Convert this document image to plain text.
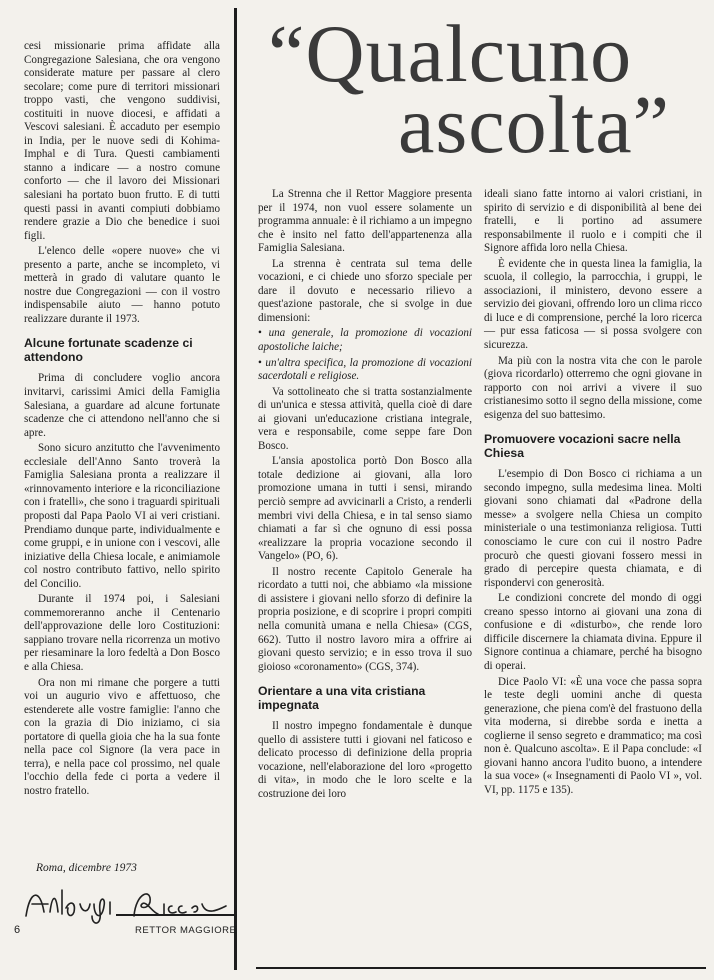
“Qualcuno
ascolta”

cesi missionarie prima affidate alla Congregazione Salesiana, che ora vengono considerate mature per passare al clero secolare; come pure di territori missionari troppo vasti, che vengono suddivisi, costituiti in nuove diocesi, e affidati a Vescovi salesiani. È accaduto per esempio in India, per le nuove sedi di Kohima-Imphal e di Tura. Questi cambiamenti stanno a indicare — a nostro comune conforto — che il lavoro dei Missionari salesiani ha portato buon frutto. E di tutti questi passi in avanti compiuti dobbiamo rendere grazie a Dio che benedice i suoi figli.

L'elenco delle «opere nuove» che vi presento a parte, anche se incompleto, vi metterà in grado di valutare quanto le nostre due Congregazioni — con il vostro indispensabile aiuto — hanno potuto realizzare durante il 1973.

Alcune fortunate scadenze ci attendono

Prima di concludere voglio ancora invitarvi, carissimi Amici della Famiglia Salesiana, a guardare ad alcune fortunate scadenze che ci attendono nell'anno che si apre.

Sono sicuro anzitutto che l'avvenimento ecclesiale dell'Anno Santo troverà la Famiglia Salesiana pronta a realizzare il «rinnovamento interiore e la riconciliazione con i fratelli», che sono i traguardi spirituali proposti dal Papa Paolo VI ai veri cristiani. Prendiamo dunque parte, individualmente e come gruppi, e in unione con i vescovi, alle iniziative della Chiesa locale, e animiamole col nostro contributo fattivo, nello spirito del Concilio.

Durante il 1974 poi, i Salesiani commemoreranno anche il Centenario dell'approvazione delle loro Costituzioni: sappiano trovare nella ricorrenza un motivo per riesaminare la loro fedeltà a Don Bosco e alla Chiesa.

Ora non mi rimane che porgere a tutti voi un augurio vivo e affettuoso, che estenderete alle vostre famiglie: l'anno che con la grazia di Dio iniziamo, ci sia portatore di quella gioia che ha la sua fonte nella pace col Signore (la vera pace in terra), e nella pace col prossimo, nel quale l'occhio della fede ci porta a vedere il nostro fratello.

Roma, dicembre 1973
RETTOR MAGGIORE
6

La Strenna che il Rettor Maggiore presenta per il 1974, non vuol essere solamente un programma annuale: è il richiamo a un impegno che è insito nel fatto dell'appartenenza alla Famiglia Salesiana.

La strenna è centrata sul tema delle vocazioni, e ci chiede uno sforzo speciale per dare il dovuto e necessario rilievo a quest'azione pastorale, che si svolge in due dimensioni:

• una generale, la promozione di vocazioni apostoliche laiche;

• un'altra specifica, la promozione di vocazioni sacerdotali e religiose.

Va sottolineato che si tratta sostanzialmente di un'unica e stessa attività, quella cioè di dare ai giovani un'educazione cristiana integrale, vera e responsabile, come seppe fare Don Bosco.

L'ansia apostolica portò Don Bosco alla totale dedizione ai giovani, alla loro promozione umana in tutti i sensi, mirando perciò sempre ad avvicinarli a Cristo, a renderli membri vivi della Chiesa, e in tal senso siamo chiamati a far sì che ognuno di essi possa «realizzare la propria vocazione secondo il Vangelo» (PO, 6).

Il nostro recente Capitolo Generale ha ricordato a tutti noi, che abbiamo «la missione di assistere i giovani nello sforzo di definire la propria posizione, e di scoprire i propri compiti nella comunità umana e nella Chiesa» (CGS, 662). Tutto il nostro lavoro mira a offrire ai giovani questo servizio; e in esso trova il suo gioioso «coronamento» (CGS, 374).

Orientare a una vita cristiana impegnata

Il nostro impegno fondamentale è dunque quello di assistere tutti i giovani nel faticoso e delicato processo di definizione della propria vocazione, nell'elaborazione del loro «progetto di vita», in modo che le loro scelte e la costruzione dei loro

ideali siano fatte intorno ai valori cristiani, in spirito di servizio e di disponibilità al bene dei fratelli, e li portino ad assumere responsabilmente il ruolo e i compiti che il Signore affida loro nella Chiesa.

È evidente che in questa linea la famiglia, la scuola, il collegio, la parrocchia, i gruppi, le associazioni, il ministero, devono essere a servizio dei giovani, offrendo loro un clima ricco di luce e di comprensione, perché la loro ricerca — pur essa faticosa — si possa svolgere con sicurezza.

Ma più con la nostra vita che con le parole (giova ricordarlo) otterremo che ogni giovane in rapporto con noi arrivi a vivere il suo cristianesimo sotto il segno della missione, come esigenza del suo battesimo.

Promuovere vocazioni sacre nella Chiesa

L'esempio di Don Bosco ci richiama a un secondo impegno, sulla medesima linea. Molti giovani sono chiamati dal «Padrone della messe» a svolgere nella Chiesa un compito ministeriale o una testimonianza religiosa. Tutti conosciamo le cure con cui il nostro Padre procurò che questi giovani fossero messi in grado di percepire questa chiamata, e di rispondervi con generosità.

Le condizioni concrete del mondo di oggi creano spesso intorno ai giovani una zona di confusione e di «disturbo», che rende loro difficile discernere la chiamata divina. Eppure il Signore continua a chiamare, perché ha bisogno di operai.

Dice Paolo VI: «È una voce che passa sopra le teste degli uomini anche di questa generazione, che piena com'è del frastuono della vita moderna, si direbbe sorda e inetta a coglierne il senso segreto e drammatico; ma così non è. Qualcuno ascolta». E il Papa conclude: «I giovani hanno ancora l'udito buono, a intendere la sua voce» (« Insegnamenti di Paolo VI », vol. VI, pp. 1175 e 135).
